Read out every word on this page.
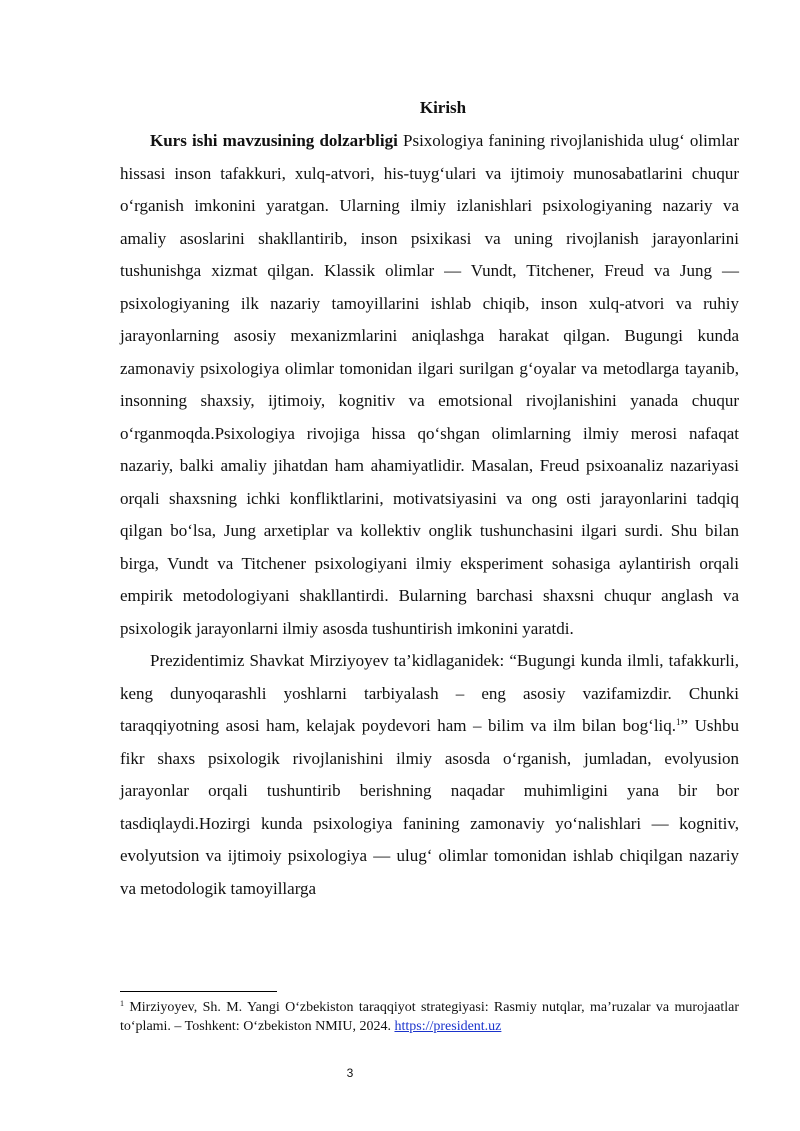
Kirish

Kurs ishi mavzusining dolzarbligi Psixologiya fanining rivojlanishida ulug‘ olimlar hissasi inson tafakkuri, xulq-atvori, his-tuyg‘ulari va ijtimoiy munosabatlarini chuqur o‘rganish imkonini yaratgan. Ularning ilmiy izlanishlari psixologiyaning nazariy va amaliy asoslarini shakllantirib, inson psixikasi va uning rivojlanish jarayonlarini tushunishga xizmat qilgan. Klassik olimlar — Vundt, Titchener, Freud va Jung — psixologiyaning ilk nazariy tamoyillarini ishlab chiqib, inson xulq-atvori va ruhiy jarayonlarning asosiy mexanizmlarini aniqlashga harakat qilgan. Bugungi kunda zamonaviy psixologiya olimlar tomonidan ilgari surilgan g‘oyalar va metodlarga tayanib, insonning shaxsiy, ijtimoiy, kognitiv va emotsional rivojlanishini yanada chuqur o‘rganmoqda.Psixologiya rivojiga hissa qo‘shgan olimlarning ilmiy merosi nafaqat nazariy, balki amaliy jihatdan ham ahamiyatlidir. Masalan, Freud psixoanaliz nazariyasi orqali shaxsning ichki konfliktlarini, motivatsiyasini va ong osti jarayonlarini tadqiq qilgan bo‘lsa, Jung arxetiplar va kollektiv onglik tushunchasini ilgari surdi. Shu bilan birga, Vundt va Titchener psixologiyani ilmiy eksperiment sohasiga aylantirish orqali empirik metodologiyani shakllantirdi. Bularning barchasi shaxsni chuqur anglash va psixologik jarayonlarni ilmiy asosda tushuntirish imkonini yaratdi.

Prezidentimiz Shavkat Mirziyoyev ta’kidlaganidek: “Bugungi kunda ilmli, tafakkurli, keng dunyoqarashli yoshlarni tarbiyalash – eng asosiy vazifamizdir. Chunki taraqqiyotning asosi ham, kelajak poydevori ham – bilim va ilm bilan bog‘liq.$^1$” Ushbu fikr shaxs psixologik rivojlanishini ilmiy asosda o‘rganish, jumladan, evolyusion jarayonlar orqali tushuntirib berishning naqadar muhimligini yana bir bor tasdiqlaydi.Hozirgi kunda psixologiya fanining zamonaviy yo‘nalishlari — kognitiv, evolyutsion va ijtimoiy psixologiya — ulug‘ olimlar tomonidan ishlab chiqilgan nazariy va metodologik tamoyillarga

$^1$ Mirziyoyev, Sh. M. Yangi O‘zbekiston taraqqiyot strategiyasi: Rasmiy nutqlar, ma’ruzalar va murojaatlar to‘plami. – Toshkent: O‘zbekiston NMIU, 2024. https://president.uz
3
